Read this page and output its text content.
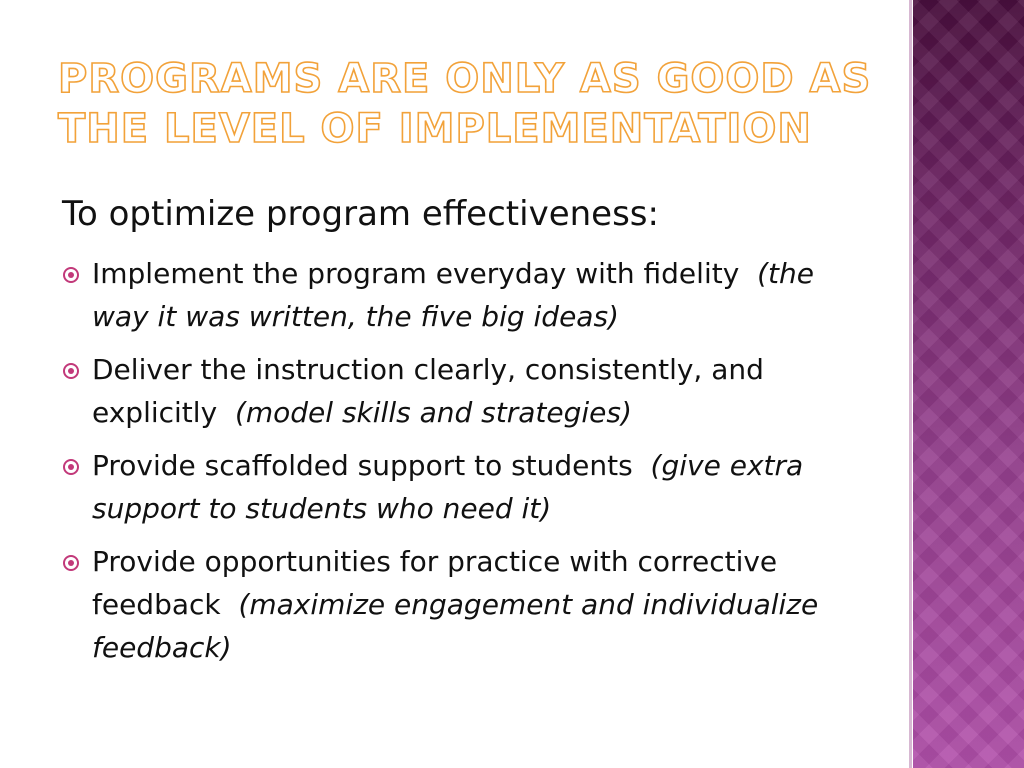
PROGRAMS ARE ONLY AS GOOD AS THE LEVEL OF IMPLEMENTATION

To optimize program effectiveness:

Implement the program everyday with fidelity (the way it was written, the five big ideas)
Deliver the instruction clearly, consistently, and explicitly (model skills and strategies)
Provide scaffolded support to students (give extra support to students who need it)
Provide opportunities for practice with corrective feedback (maximize engagement and individualize feedback)
